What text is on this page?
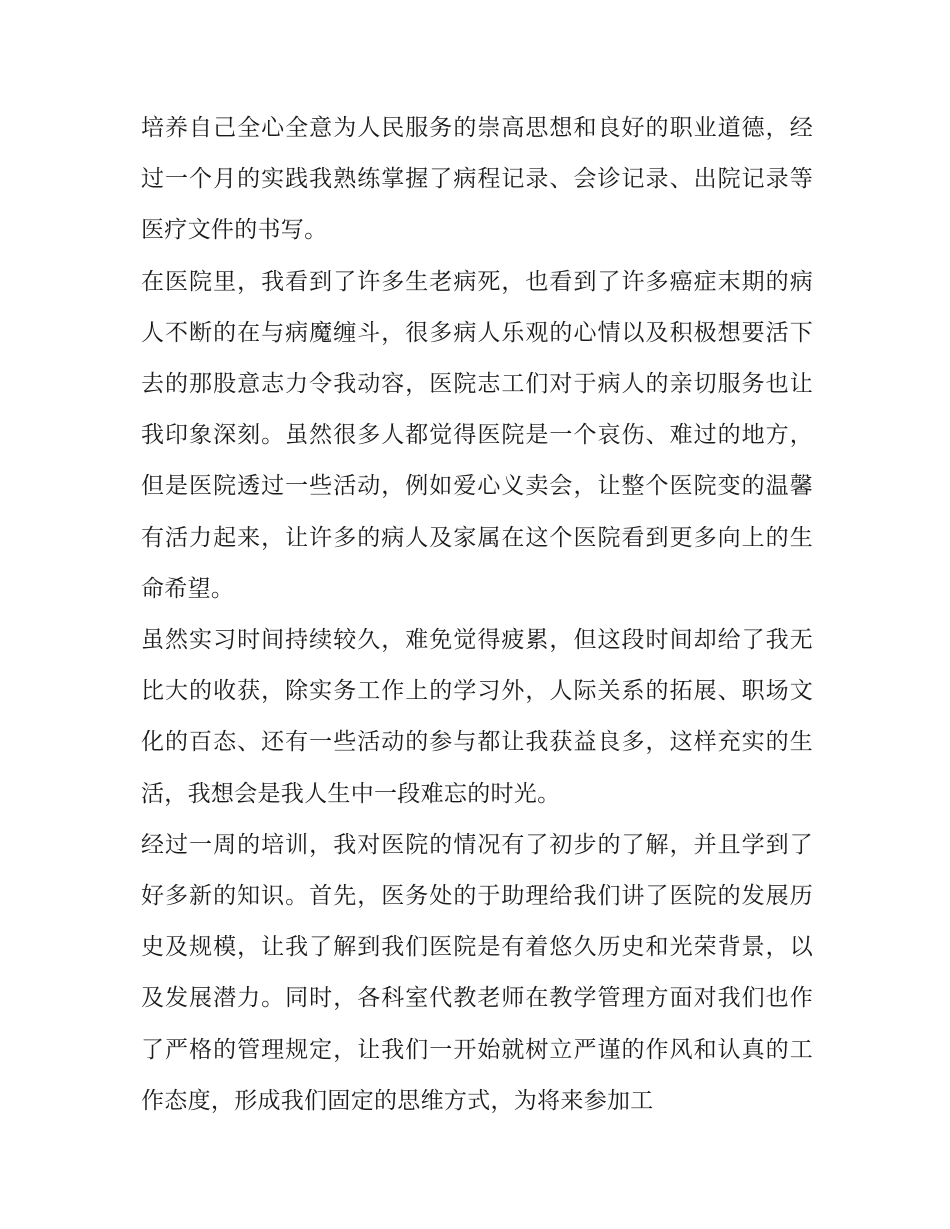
培养自己全心全意为人民服务的崇高思想和良好的职业道德，经过一个月的实践我熟练掌握了病程记录、会诊记录、出院记录等医疗文件的书写。

在医院里，我看到了许多生老病死，也看到了许多癌症末期的病人不断的在与病魔缠斗，很多病人乐观的心情以及积极想要活下去的那股意志力令我动容，医院志工们对于病人的亲切服务也让我印象深刻。虽然很多人都觉得医院是一个哀伤、难过的地方，但是医院透过一些活动，例如爱心义卖会，让整个医院变的温馨有活力起来，让许多的病人及家属在这个医院看到更多向上的生命希望。

虽然实习时间持续较久，难免觉得疲累，但这段时间却给了我无比大的收获，除实务工作上的学习外，人际关系的拓展、职场文化的百态、还有一些活动的参与都让我获益良多，这样充实的生活，我想会是我人生中一段难忘的时光。

经过一周的培训，我对医院的情况有了初步的了解，并且学到了好多新的知识。首先，医务处的于助理给我们讲了医院的发展历史及规模，让我了解到我们医院是有着悠久历史和光荣背景，以及发展潜力。同时，各科室代教老师在教学管理方面对我们也作了严格的管理规定，让我们一开始就树立严谨的作风和认真的工作态度，形成我们固定的思维方式，为将来参加工
